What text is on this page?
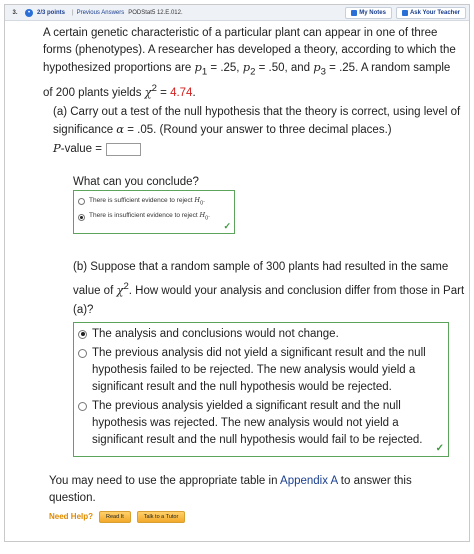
3.	•	2/3 points | Previous Answers PODStat5 12.E.012.	My Notes	Ask Your Teacher
A certain genetic characteristic of a particular plant can appear in one of three forms (phenotypes). A researcher has developed a theory, according to which the hypothesized proportions are $p_1 = .25$, $p_2 = .50$, and $p_3 = .25$. A random sample of 200 plants yields $\chi^2 = 4.74$.
(a) Carry out a test of the null hypothesis that the theory is correct, using level of significance α = .05. (Round your answer to three decimal places.)
P-value =
What can you conclude?
There is sufficient evidence to reject $H_0$.
There is insufficient evidence to reject $H_0$.
✓
(b) Suppose that a random sample of 300 plants had resulted in the same value of $\chi^2$. How would your analysis and conclusion differ from those in Part (a)?
The analysis and conclusions would not change.
The previous analysis did not yield a significant result and the null hypothesis failed to be rejected. The new analysis would yield a significant result and the null hypothesis would be rejected.
The previous analysis yielded a significant result and the null hypothesis was rejected. The new analysis would not yield a significant result and the null hypothesis would fail to be rejected.
✓
You may need to use the appropriate table in Appendix A to answer this question.
Need Help?	Read It	Talk to a Tutor
